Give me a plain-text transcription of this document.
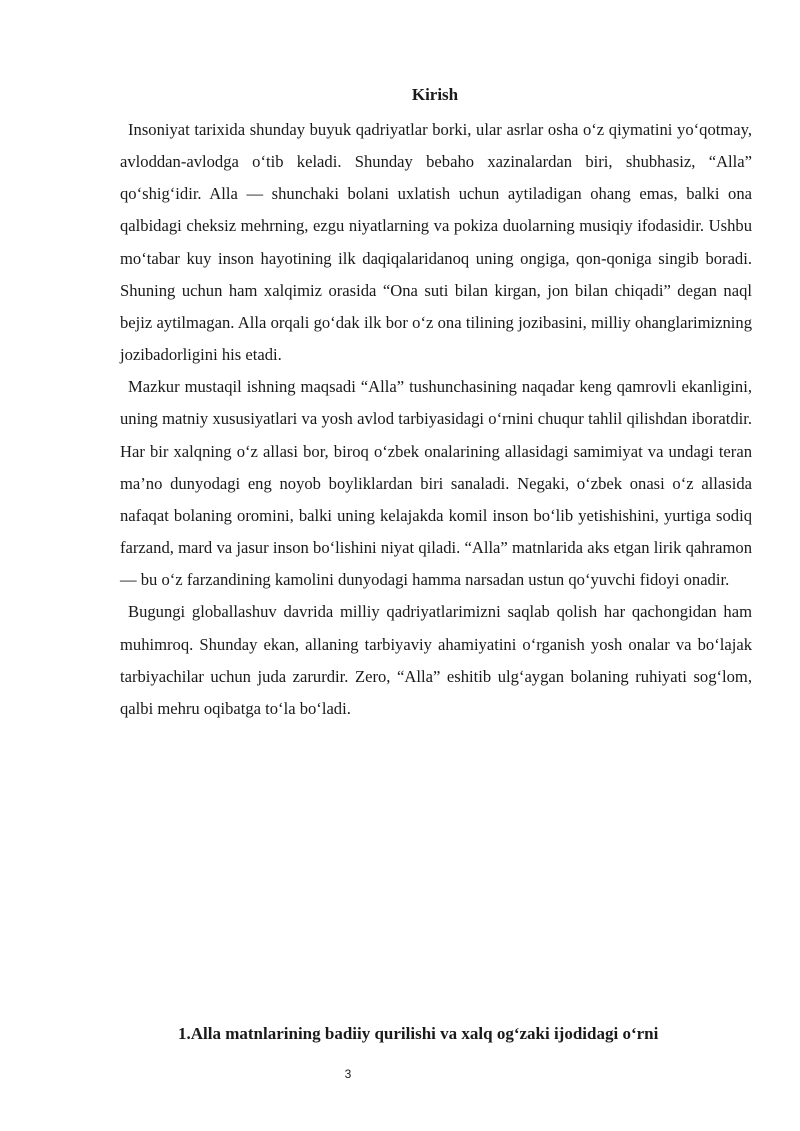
Kirish

Insoniyat tarixida shunday buyuk qadriyatlar borki, ular asrlar osha o‘z qiymatini yo‘qotmay, avloddan-avlodga o‘tib keladi. Shunday bebaho xazinalardan biri, shubhasiz, “Alla” qo‘shig‘idir. Alla — shunchaki bolani uxlatish uchun aytiladigan ohang emas, balki ona qalbidagi cheksiz mehrning, ezgu niyatlarning va pokiza duolarning musiqiy ifodasidir. Ushbu mo‘tabar kuy inson hayotining ilk daqiqalaridanoq uning ongiga, qon-qoniga singib boradi. Shuning uchun ham xalqimiz orasida “Ona suti bilan kirgan, jon bilan chiqadi” degan naql bejiz aytilmagan. Alla orqali go‘dak ilk bor o‘z ona tilining jozibasini, milliy ohanglarimizning jozibadorligini his etadi.

Mazkur mustaqil ishning maqsadi “Alla” tushunchasining naqadar keng qamrovli ekanligini, uning matniy xususiyatlari va yosh avlod tarbiyasidagi o‘rnini chuqur tahlil qilishdan iboratdir. Har bir xalqning o‘z allasi bor, biroq o‘zbek onalarining allasidagi samimiyat va undagi teran ma’no dunyodagi eng noyob boyliklardan biri sanaladi. Negaki, o‘zbek onasi o‘z allasida nafaqat bolaning oromini, balki uning kelajakda komil inson bo‘lib yetishishini, yurtiga sodiq farzand, mard va jasur inson bo‘lishini niyat qiladi. “Alla” matnlarida aks etgan lirik qahramon — bu o‘z farzandining kamolini dunyodagi hamma narsadan ustun qo‘yuvchi fidoyi onadir.

Bugungi globallashuv davrida milliy qadriyatlarimizni saqlab qolish har qachongidan ham muhimroq. Shunday ekan, allaning tarbiyaviy ahamiyatini o‘rganish yosh onalar va bo‘lajak tarbiyachilar uchun juda zarurdir. Zero, “Alla” eshitib ulg‘aygan bolaning ruhiyati sog‘lom, qalbi mehru oqibatga to‘la bo‘ladi.

1.Alla matnlarining badiiy qurilishi va xalq og‘zaki ijodidagi o‘rni
3
